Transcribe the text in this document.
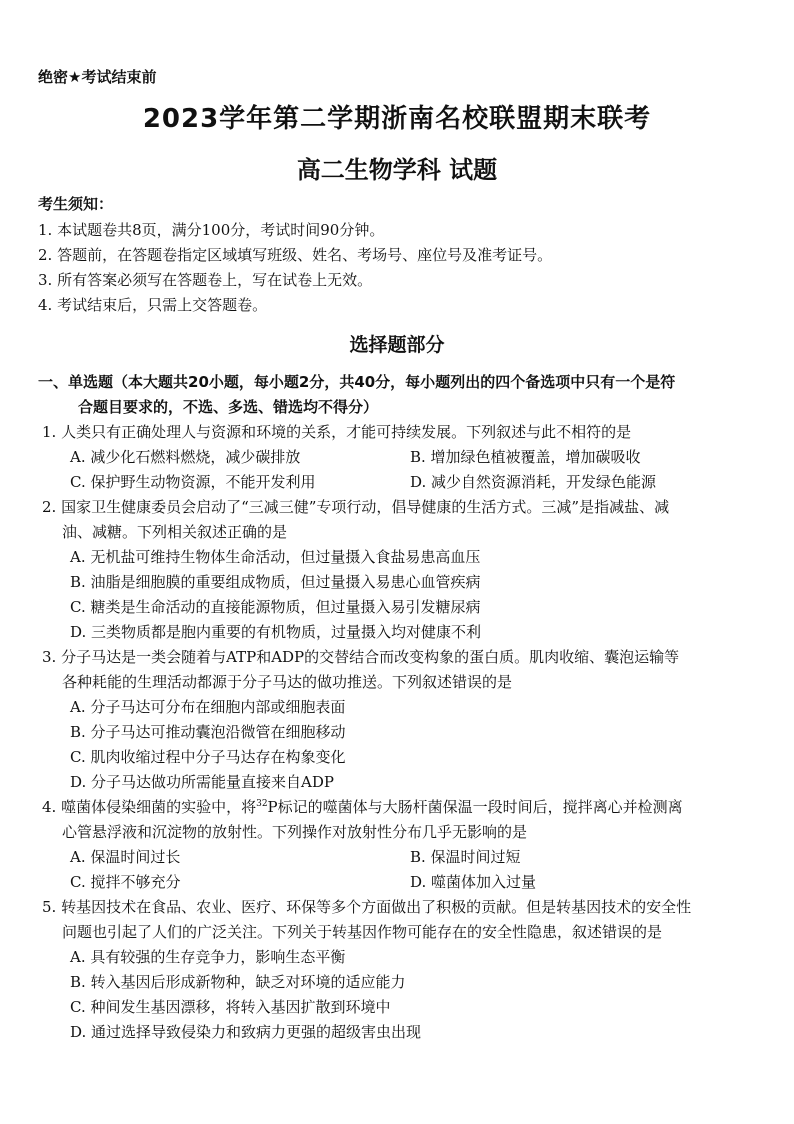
绝密★考试结束前
2023学年第二学期浙南名校联盟期末联考
高二生物学科 试题
考生须知：
1. 本试题卷共8页，满分100分，考试时间90分钟。
2. 答题前，在答题卷指定区域填写班级、姓名、考场号、座位号及准考证号。
3. 所有答案必须写在答题卷上，写在试卷上无效。
4. 考试结束后，只需上交答题卷。
选择题部分
一、单选题（本大题共20小题，每小题2分，共40分，每小题列出的四个备选项中只有一个是符
合题目要求的，不选、多选、错选均不得分）
1. 人类只有正确处理人与资源和环境的关系，才能可持续发展。下列叙述与此不相符的是
A. 减少化石燃料燃烧，减少碳排放	B. 增加绿色植被覆盖，增加碳吸收
C. 保护野生动物资源，不能开发利用	D. 减少自然资源消耗，开发绿色能源
2. 国家卫生健康委员会启动了“三减三健”专项行动，倡导健康的生活方式。三减”是指减盐、减
油、减糖。下列相关叙述正确的是
A. 无机盐可维持生物体生命活动，但过量摄入食盐易患高血压
B. 油脂是细胞膜的重要组成物质，但过量摄入易患心血管疾病
C. 糖类是生命活动的直接能源物质，但过量摄入易引发糖尿病
D. 三类物质都是胞内重要的有机物质，过量摄入均对健康不利
3. 分子马达是一类会随着与ATP和ADP的交替结合而改变构象的蛋白质。肌肉收缩、囊泡运输等
各种耗能的生理活动都源于分子马达的做功推送。下列叙述错误的是
A. 分子马达可分布在细胞内部或细胞表面
B. 分子马达可推动囊泡沿微管在细胞移动
C. 肌肉收缩过程中分子马达存在构象变化
D. 分子马达做功所需能量直接来自ADP
4. 噬菌体侵染细菌的实验中，将$^{32}$P标记的噬菌体与大肠杆菌保温一段时间后，搅拌离心并检测离
心管悬浮液和沉淀物的放射性。下列操作对放射性分布几乎无影响的是
A. 保温时间过长	B. 保温时间过短
C. 搅拌不够充分	D. 噬菌体加入过量
5. 转基因技术在食品、农业、医疗、环保等多个方面做出了积极的贡献。但是转基因技术的安全性
问题也引起了人们的广泛关注。下列关于转基因作物可能存在的安全性隐患，叙述错误的是
A. 具有较强的生存竞争力，影响生态平衡
B. 转入基因后形成新物种，缺乏对环境的适应能力
C. 种间发生基因漂移，将转入基因扩散到环境中
D. 通过选择导致侵染力和致病力更强的超级害虫出现
